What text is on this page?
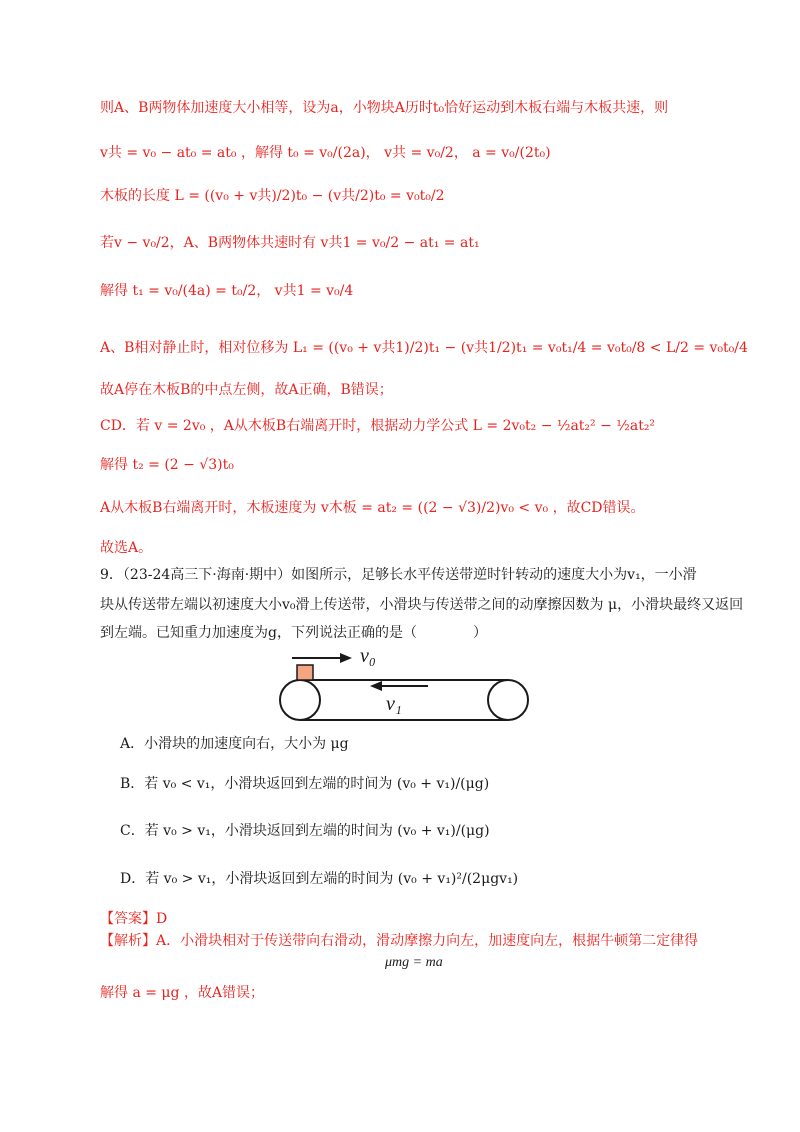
则A、B两物体加速度大小相等，设为a，小物块A历时t₀恰好运动到木板右端与木板共速，则
v共 = v₀ − at₀ = at₀ ，解得 t₀ = v₀/(2a)， v共 = v₀/2， a = v₀/(2t₀)
木板的长度 L = ((v₀ + v共)/2)t₀ − (v共/2)t₀ = v₀t₀/2
若v − v₀/2，A、B两物体共速时有 v共1 = v₀/2 − at₁ = at₁
解得 t₁ = v₀/(4a) = t₀/2， v共1 = v₀/4
A、B相对静止时，相对位移为 L₁ = ((v₀ + v共1)/2)t₁ − (v共1/2)t₁ = v₀t₁/4 = v₀t₀/8 < L/2 = v₀t₀/4
故A停在木板B的中点左侧，故A正确，B错误；
CD．若 v = 2v₀ ，A从木板B右端离开时，根据动力学公式 L = 2v₀t₂ − ½at₂² − ½at₂²
解得 t₂ = (2 − √3)t₀
A从木板B右端离开时，木板速度为 v木板 = at₂ = ((2 − √3)/2)v₀ < v₀ ，故CD错误。
故选A。
9．（23-24高三下·海南·期中）如图所示，足够长水平传送带逆时针转动的速度大小为v₁，一小滑
块从传送带左端以初速度大小v₀滑上传送带，小滑块与传送带之间的动摩擦因数为 μ，小滑块最终又返回
到左端。已知重力加速度为g，下列说法正确的是（　　　　）
v₀
v₁
A．小滑块的加速度向右，大小为 μg
B．若 v₀ < v₁，小滑块返回到左端的时间为 (v₀ + v₁)/(μg)
C．若 v₀ > v₁，小滑块返回到左端的时间为 (v₀ + v₁)/(μg)
D．若 v₀ > v₁，小滑块返回到左端的时间为 (v₀ + v₁)²/(2μgv₁)
【答案】D
【解析】A．小滑块相对于传送带向右滑动，滑动摩擦力向左，加速度向左，根据牛顿第二定律得
μmg = ma
解得 a = μg ，故A错误；
